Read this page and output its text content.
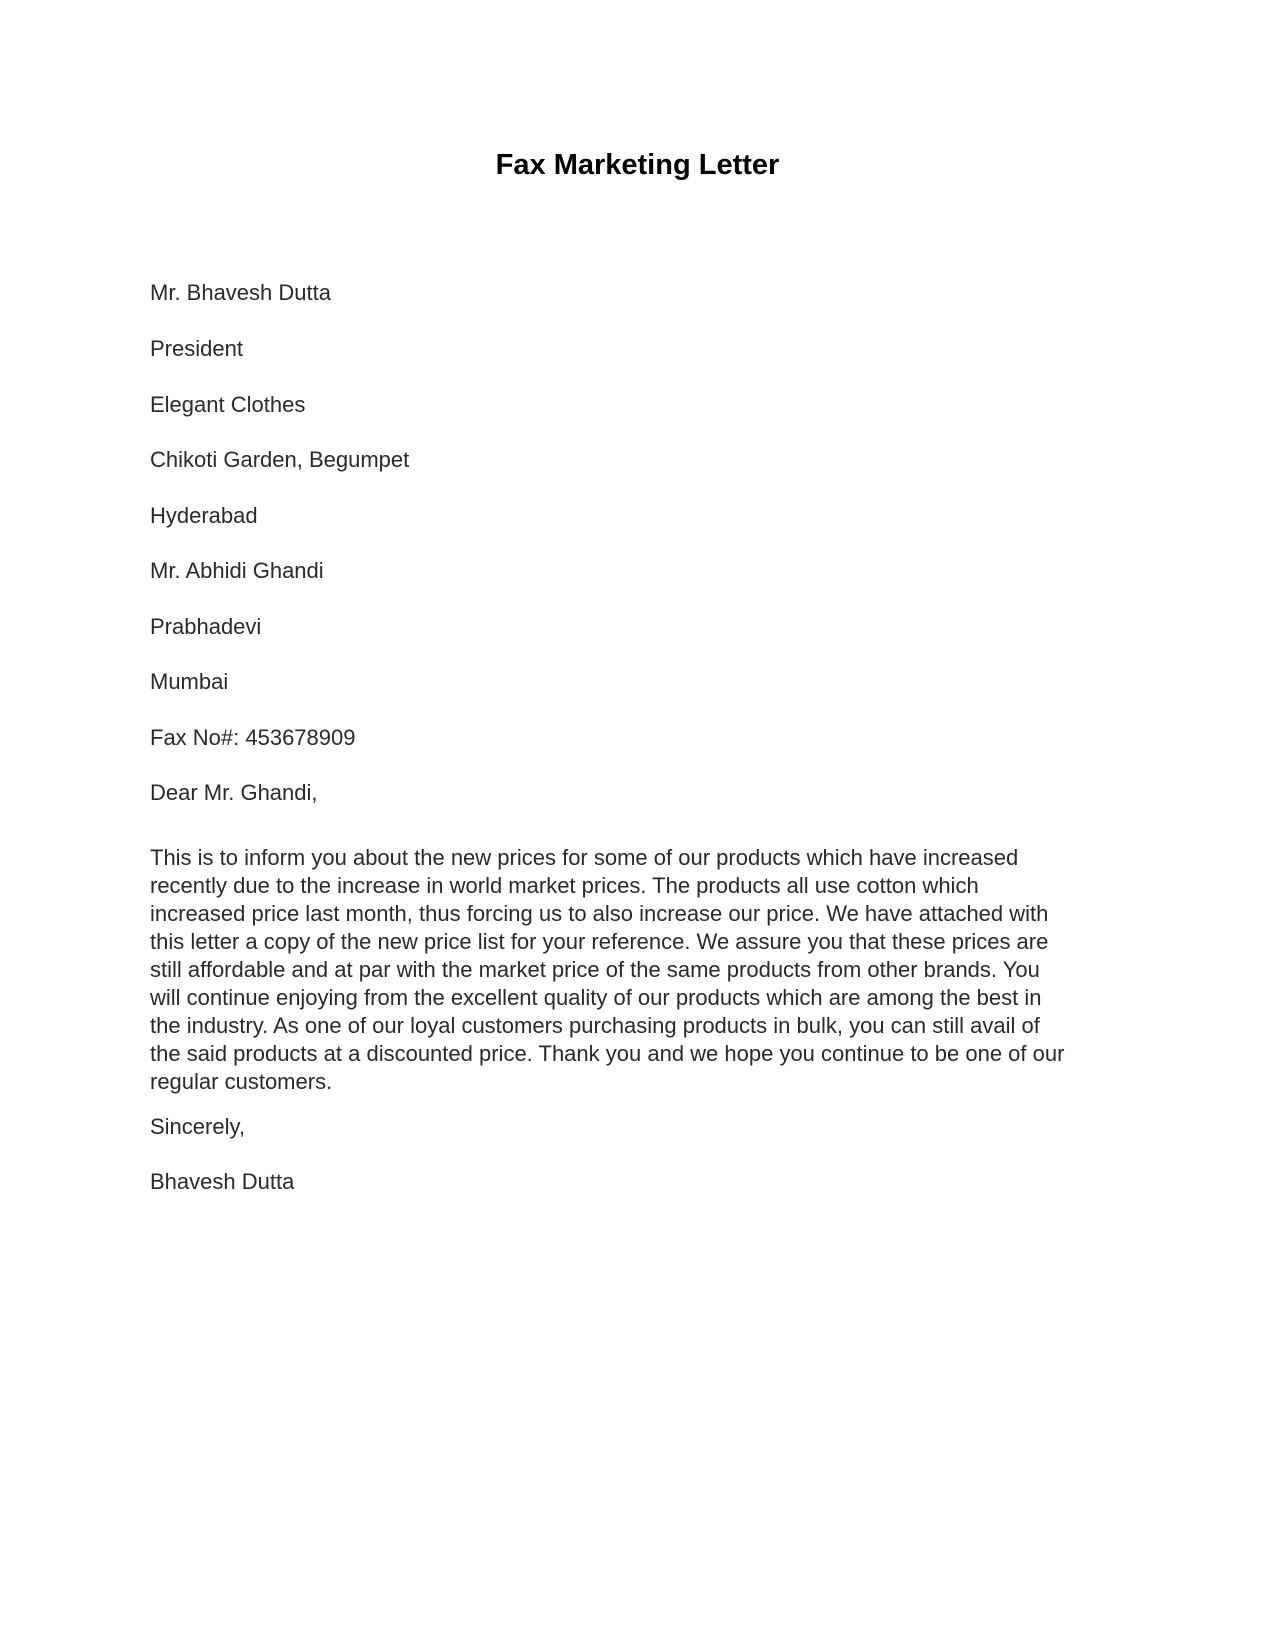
Fax Marketing Letter

Mr. Bhavesh Dutta

President

Elegant Clothes

Chikoti Garden, Begumpet

Hyderabad

Mr. Abhidi Ghandi

Prabhadevi

Mumbai

Fax No#: 453678909

Dear Mr. Ghandi,

This is to inform you about the new prices for some of our products which have increased
recently due to the increase in world market prices. The products all use cotton which
increased price last month, thus forcing us to also increase our price. We have attached with
this letter a copy of the new price list for your reference. We assure you that these prices are
still affordable and at par with the market price of the same products from other brands. You
will continue enjoying from the excellent quality of our products which are among the best in
the industry. As one of our loyal customers purchasing products in bulk, you can still avail of
the said products at a discounted price. Thank you and we hope you continue to be one of our
regular customers.

Sincerely,

Bhavesh Dutta
